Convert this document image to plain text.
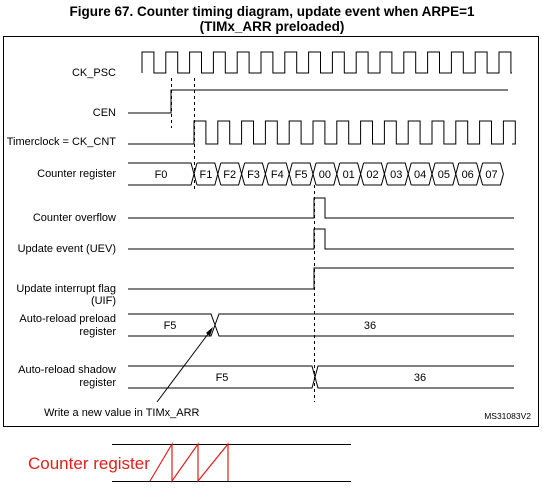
Figure 67. Counter timing diagram, update event when ARPE=1
(TIMx_ARR preloaded)
CK_PSC
CEN
Timerclock = CK_CNT
Counter register
Counter overflow
Update event (UEV)
Update interrupt flag
(UIF)
Auto-reload preload
register
Auto-reload shadow
register
F0	F1 F2 F3 F4 F5 00 01 02 03 04 05 06 07
F5	36
F5	36
Write a new value in TIMx_ARR	MS31083V2
Counter register
